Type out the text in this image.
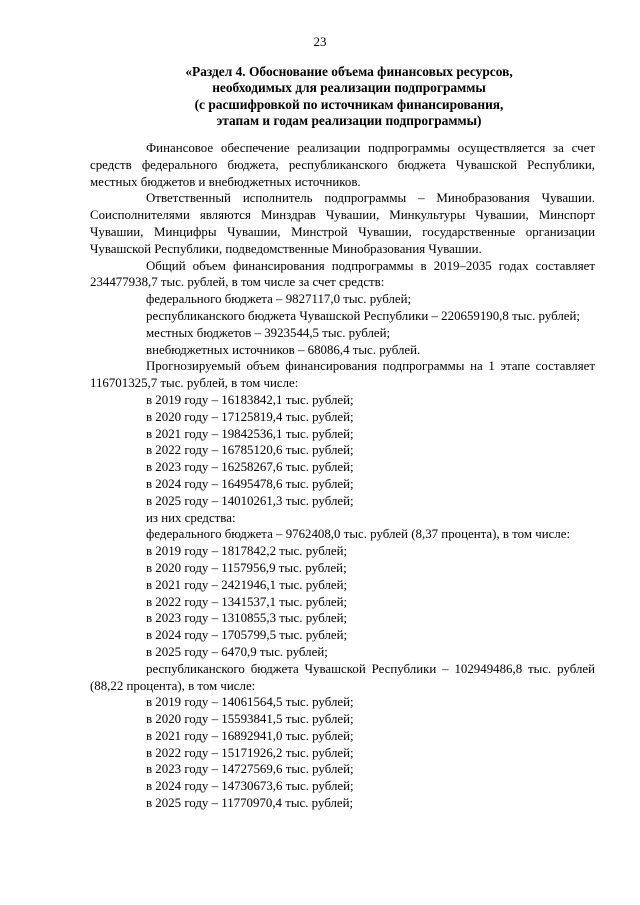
23
«Раздел 4. Обоснование объема финансовых ресурсов,
необходимых для реализации подпрограммы
(с расшифровкой по источникам финансирования,
этапам и годам реализации подпрограммы)

Финансовое обеспечение реализации подпрограммы осуществляется за счет средств федерального бюджета, республиканского бюджета Чувашской Республики, местных бюджетов и внебюджетных источников.

Ответственный исполнитель подпрограммы – Минобразования Чувашии. Соисполнителями являются Минздрав Чувашии, Минкультуры Чувашии, Минспорт Чувашии, Минцифры Чувашии, Минстрой Чувашии, государственные организации Чувашской Республики, подведомственные Минобразования Чувашии.

Общий объем финансирования подпрограммы в 2019–2035 годах составляет 234477938,7 тыс. рублей, в том числе за счет средств:

федерального бюджета – 9827117,0 тыс. рублей;

республиканского бюджета Чувашской Республики – 220659190,8 тыс. рублей;

местных бюджетов – 3923544,5 тыс. рублей;

внебюджетных источников – 68086,4 тыс. рублей.

Прогнозируемый объем финансирования подпрограммы на 1 этапе составляет 116701325,7 тыс. рублей, в том числе:

в 2019 году – 16183842,1 тыс. рублей;

в 2020 году – 17125819,4 тыс. рублей;

в 2021 году – 19842536,1 тыс. рублей;

в 2022 году – 16785120,6 тыс. рублей;

в 2023 году – 16258267,6 тыс. рублей;

в 2024 году – 16495478,6 тыс. рублей;

в 2025 году – 14010261,3 тыс. рублей;

из них средства:

федерального бюджета – 9762408,0 тыс. рублей (8,37 процента), в том числе:

в 2019 году – 1817842,2 тыс. рублей;

в 2020 году – 1157956,9 тыс. рублей;

в 2021 году – 2421946,1 тыс. рублей;

в 2022 году – 1341537,1 тыс. рублей;

в 2023 году – 1310855,3 тыс. рублей;

в 2024 году – 1705799,5 тыс. рублей;

в 2025 году – 6470,9 тыс. рублей;

республиканского бюджета Чувашской Республики – 102949486,8 тыс. рублей (88,22 процента), в том числе:

в 2019 году – 14061564,5 тыс. рублей;

в 2020 году – 15593841,5 тыс. рублей;

в 2021 году – 16892941,0 тыс. рублей;

в 2022 году – 15171926,2 тыс. рублей;

в 2023 году – 14727569,6 тыс. рублей;

в 2024 году – 14730673,6 тыс. рублей;

в 2025 году – 11770970,4 тыс. рублей;
